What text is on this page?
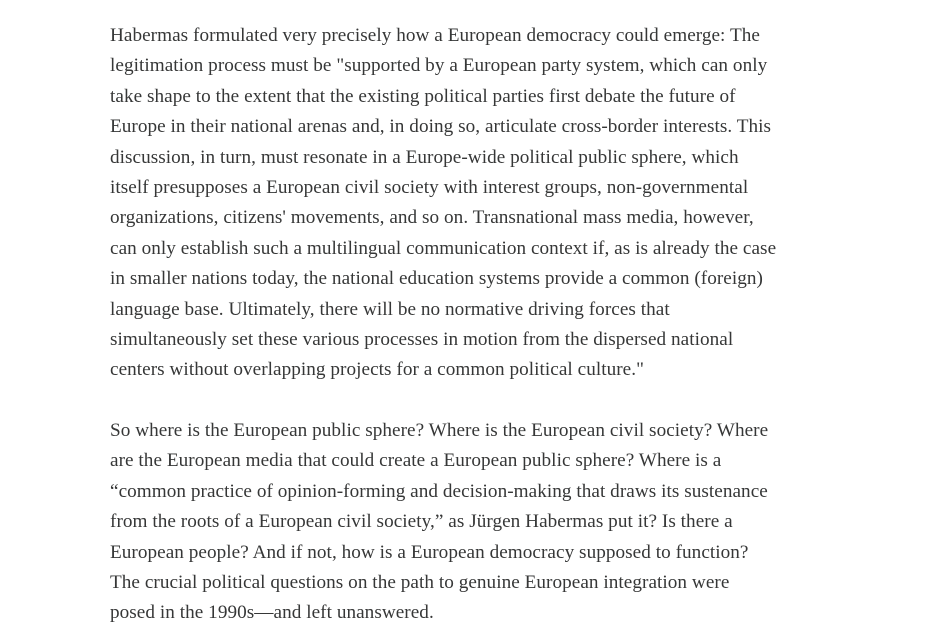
Habermas formulated very precisely how a European democracy could emerge: The
legitimation process must be "supported by a European party system, which can only
take shape to the extent that the existing political parties first debate the future of
Europe in their national arenas and, in doing so, articulate cross-border interests. This
discussion, in turn, must resonate in a Europe-wide political public sphere, which
itself presupposes a European civil society with interest groups, non-governmental
organizations, citizens' movements, and so on. Transnational mass media, however,
can only establish such a multilingual communication context if, as is already the case
in smaller nations today, the national education systems provide a common (foreign)
language base. Ultimately, there will be no normative driving forces that
simultaneously set these various processes in motion from the dispersed national
centers without overlapping projects for a common political culture."

So where is the European public sphere? Where is the European civil society? Where
are the European media that could create a European public sphere? Where is a
“common practice of opinion-forming and decision-making that draws its sustenance
from the roots of a European civil society,” as Jürgen Habermas put it? Is there a
European people? And if not, how is a European democracy supposed to function?
The crucial political questions on the path to genuine European integration were
posed in the 1990s—and left unanswered.
